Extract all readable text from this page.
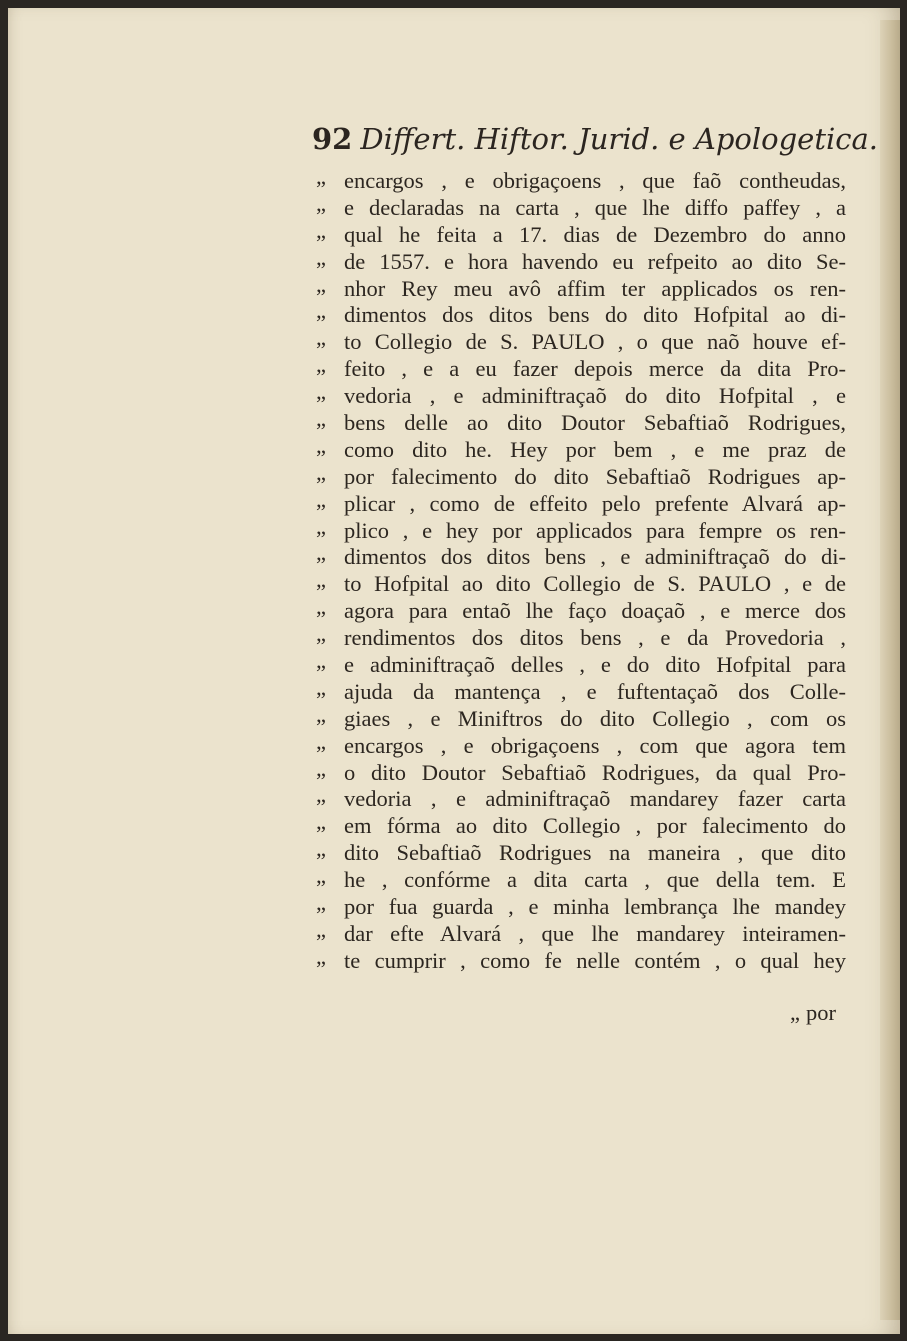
92 Differt. Hiftor. Jurid. e Apologetica.
„ encargos , e obrigaçoens , que faõ contheudas,
„ e declaradas na carta , que lhe diffo paffey , a
„ qual he feita a 17. dias de Dezembro do anno
„ de 1557. e hora havendo eu refpeito ao dito Se-
„ nhor Rey meu avô affim ter applicados os ren-
„ dimentos dos ditos bens do dito Hofpital ao di-
„ to Collegio de S. PAULO , o que naõ houve ef-
„ feito , e a eu fazer depois merce da dita Pro-
„ vedoria , e adminiftraçaõ do dito Hofpital , e
„ bens delle ao dito Doutor Sebaftiaõ Rodrigues,
„ como dito he. Hey por bem , e me praz de
„ por falecimento do dito Sebaftiaõ Rodrigues ap-
„ plicar , como de effeito pelo prefente Alvará ap-
„ plico , e hey por applicados para fempre os ren-
„ dimentos dos ditos bens , e adminiftraçaõ do di-
„ to Hofpital ao dito Collegio de S. PAULO , e de
„ agora para entaõ lhe faço doaçaõ , e merce dos
„ rendimentos dos ditos bens , e da Provedoria ,
„ e adminiftraçaõ delles , e do dito Hofpital para
„ ajuda da mantença , e fuftentaçaõ dos Colle-
„ giaes , e Miniftros do dito Collegio , com os
„ encargos , e obrigaçoens , com que agora tem
„ o dito Doutor Sebaftiaõ Rodrigues, da qual Pro-
„ vedoria , e adminiftraçaõ mandarey fazer carta
„ em fórma ao dito Collegio , por falecimento do
„ dito Sebaftiaõ Rodrigues na maneira , que dito
„ he , confórme a dita carta , que della tem. E
„ por fua guarda , e minha lembrança lhe mandey
„ dar efte Alvará , que lhe mandarey inteiramen-
„ te cumprir , como fe nelle contém , o qual hey
„ por
